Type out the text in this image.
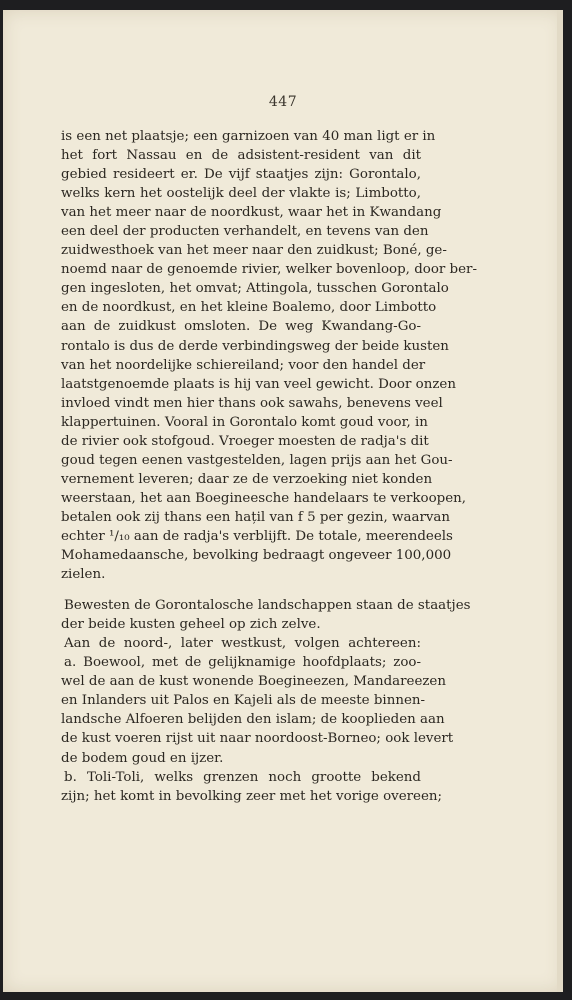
447
is een net plaatsje; een garnizoen van 40 man ligt er in
het fort Nassau en de adsistent-resident van dit
gebied resideert er. De vijf staatjes zijn: Gorontalo,
welks kern het oostelijk deel der vlakte is; Limbotto,
van het meer naar de noordkust, waar het in Kwandang
een deel der producten verhandelt, en tevens van den
zuidwesthoek van het meer naar den zuidkust; Boné, ge-
noemd naar de genoemde rivier, welker bovenloop, door ber-
gen ingesloten, het omvat; Attingola, tusschen Gorontalo
en de noordkust, en het kleine Boalemo, door Limbotto
aan de zuidkust omsloten. De weg Kwandang-Go-
rontalo is dus de derde verbindingsweg der beide kusten
van het noordelijke schiereiland; voor den handel der
laatstgenoemde plaats is hij van veel gewicht. Door onzen
invloed vindt men hier thans ook sawahs, benevens veel
klappertuinen. Vooral in Gorontalo komt goud voor, in
de rivier ook stofgoud. Vroeger moesten de radja's dit
goud tegen eenen vastgestelden, lagen prijs aan het Gou-
vernement leveren; daar ze de verzoeking niet konden
weerstaan, het aan Boegineesche handelaars te verkoopen,
betalen ook zij thans een hațil van f 5 per gezin, waarvan
echter ¹/₁₀ aan de radja's verblijft. De totale, meerendeels
Mohamedaansche, bevolking bedraagt ongeveer 100,000
zielen.
Bewesten de Gorontalosche landschappen staan de staatjes
der beide kusten geheel op zich zelve.
Aan de noord-, later westkust, volgen achtereen:
a. Boewool, met de gelijknamige hoofdplaats; zoo-
wel de aan de kust wonende Boegineezen, Mandareezen
en Inlanders uit Palos en Kajeli als de meeste binnen-
landsche Alfoeren belijden den islam; de kooplieden aan
de kust voeren rijst uit naar noordoost-Borneo; ook levert
de bodem goud en ijzer.
b. Toli-Toli, welks grenzen noch grootte bekend
zijn; het komt in bevolking zeer met het vorige overeen;
